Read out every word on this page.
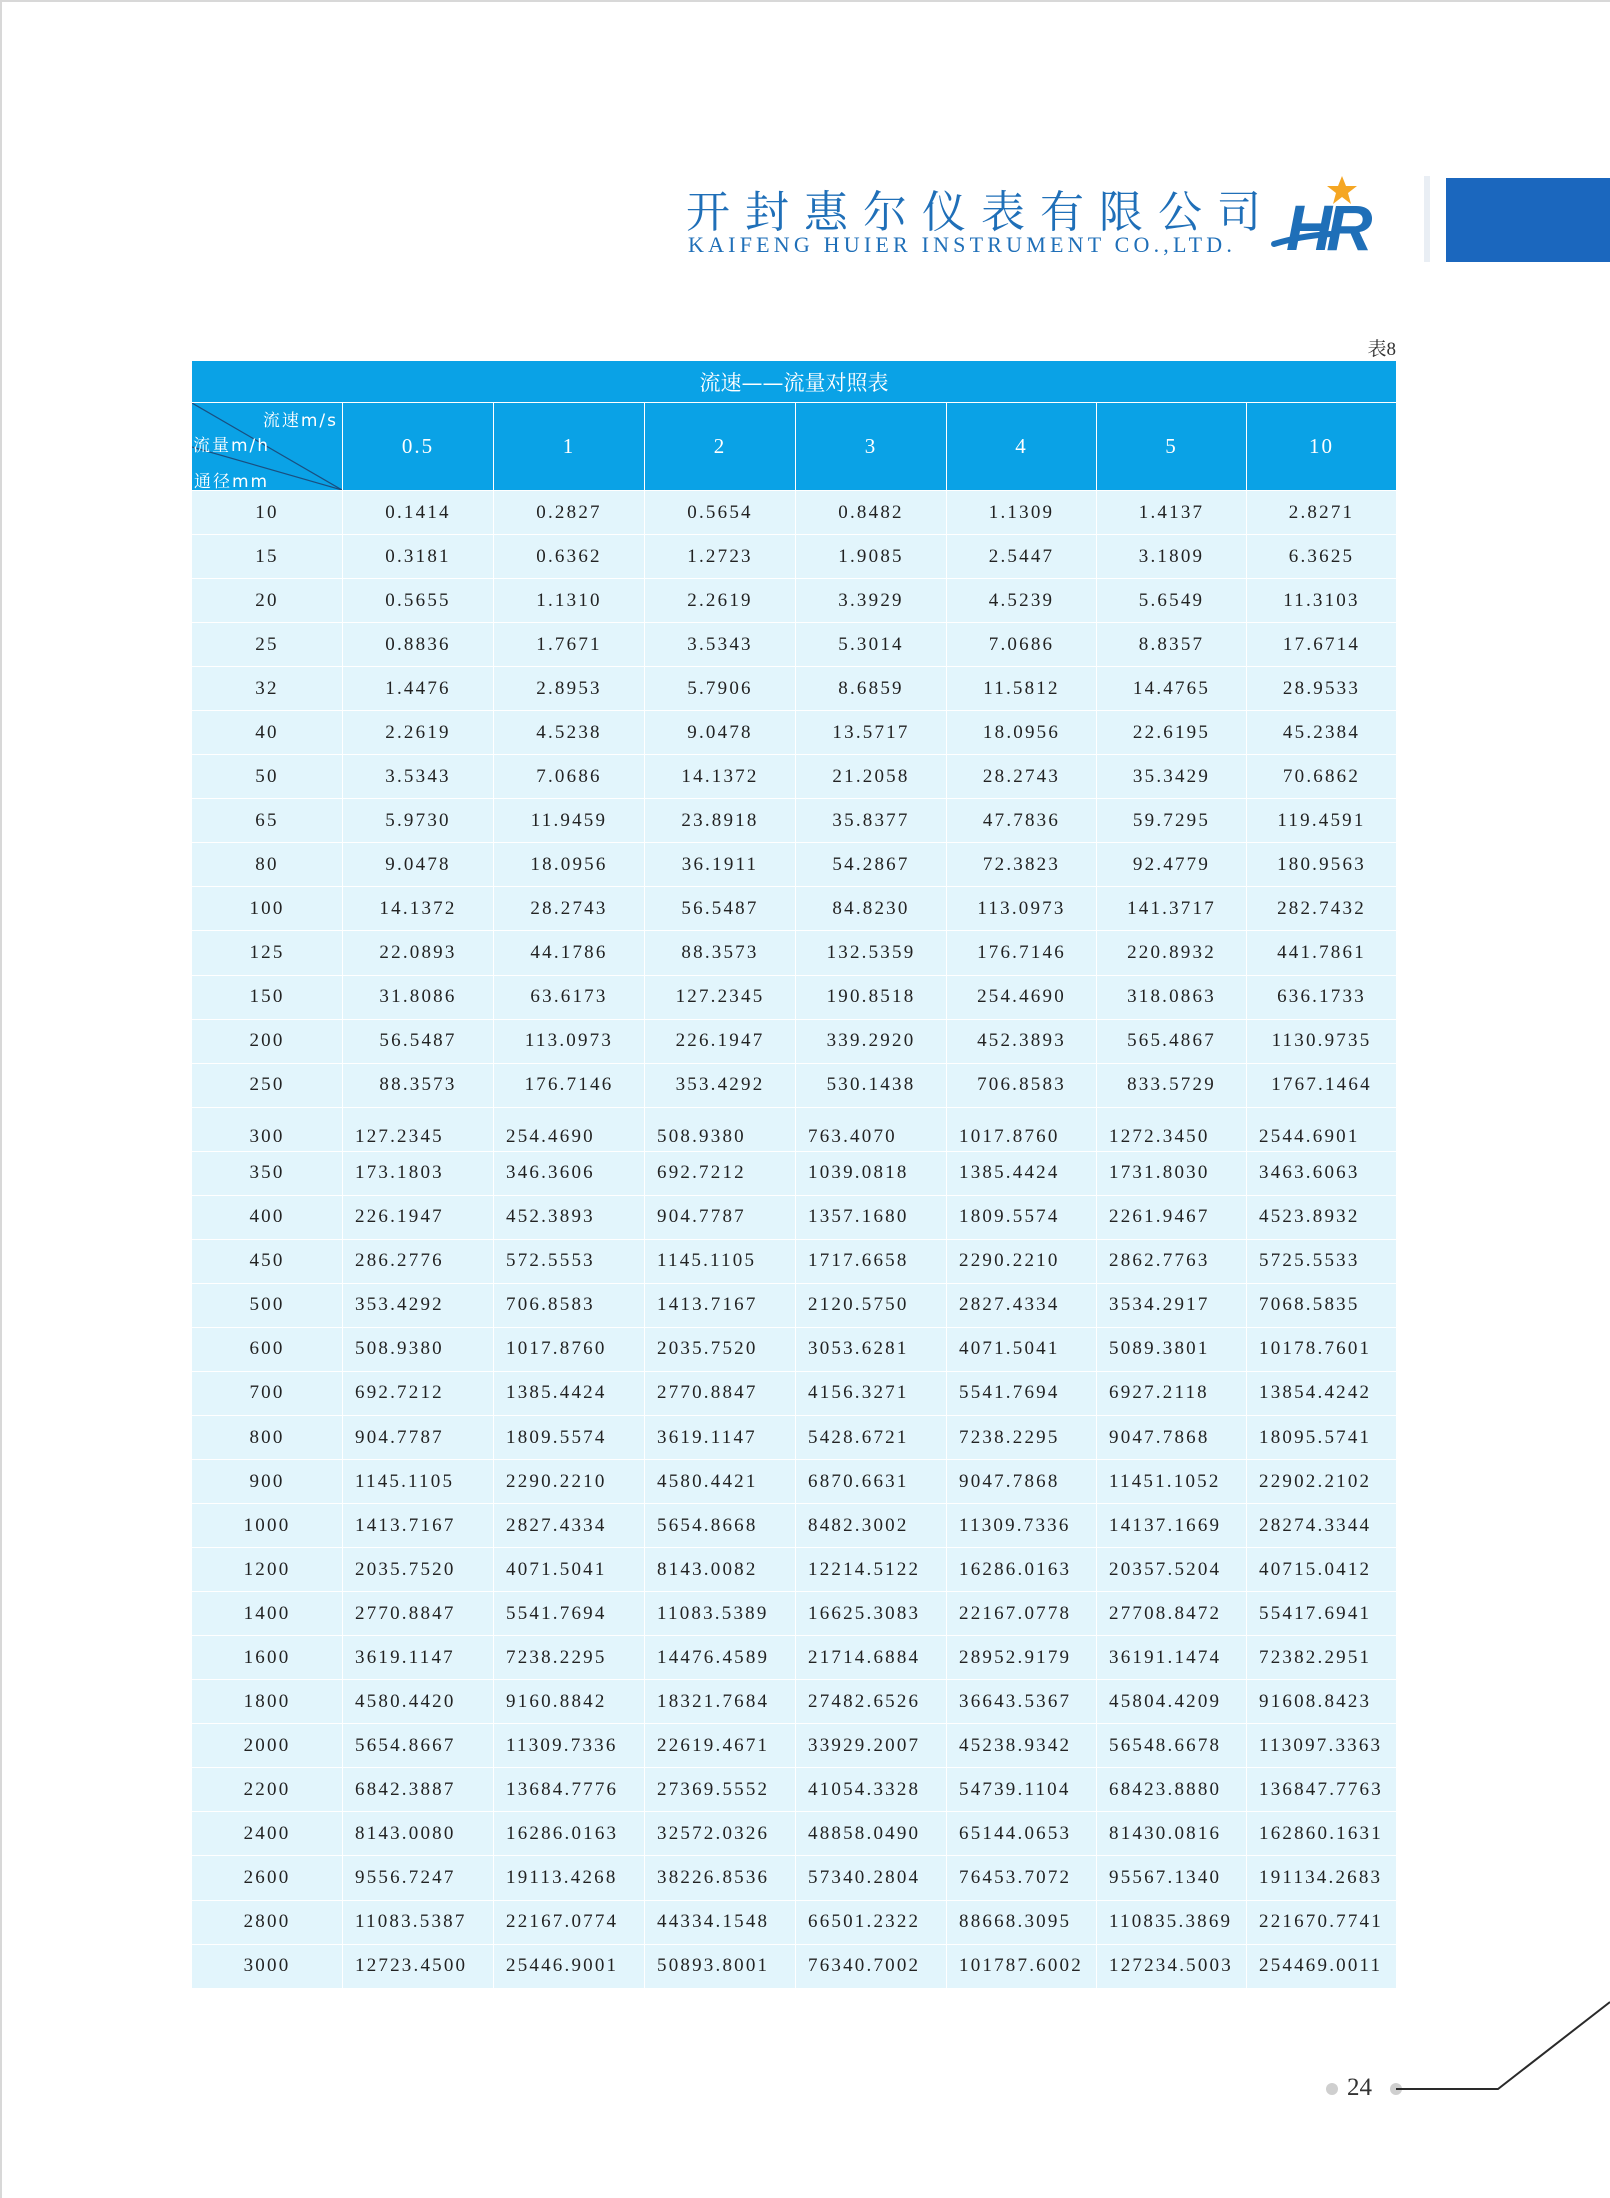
开封惠尔仪表有限公司
KAIFENG HUIER INSTRUMENT CO.,LTD. HR
表8
流速——流量对照表							

流速m/s
流量m/h
通径mm	0.5	1	2	3	4	5	10
10	0.1414	0.2827	0.5654	0.8482	1.1309	1.4137	2.8271
15	0.3181	0.6362	1.2723	1.9085	2.5447	3.1809	6.3625
20	0.5655	1.1310	2.2619	3.3929	4.5239	5.6549	11.3103
25	0.8836	1.7671	3.5343	5.3014	7.0686	8.8357	17.6714
32	1.4476	2.8953	5.7906	8.6859	11.5812	14.4765	28.9533
40	2.2619	4.5238	9.0478	13.5717	18.0956	22.6195	45.2384
50	3.5343	7.0686	14.1372	21.2058	28.2743	35.3429	70.6862
65	5.9730	11.9459	23.8918	35.8377	47.7836	59.7295	119.4591
80	9.0478	18.0956	36.1911	54.2867	72.3823	92.4779	180.9563
100	14.1372	28.2743	56.5487	84.8230	113.0973	141.3717	282.7432
125	22.0893	44.1786	88.3573	132.5359	176.7146	220.8932	441.7861
150	31.8086	63.6173	127.2345	190.8518	254.4690	318.0863	636.1733
200	56.5487	113.0973	226.1947	339.2920	452.3893	565.4867	1130.9735
250	88.3573	176.7146	353.4292	530.1438	706.8583	833.5729	1767.1464
300	127.2345	254.4690	508.9380	763.4070	1017.8760	1272.3450	2544.6901
350	173.1803	346.3606	692.7212	1039.0818	1385.4424	1731.8030	3463.6063
400	226.1947	452.3893	904.7787	1357.1680	1809.5574	2261.9467	4523.8932
450	286.2776	572.5553	1145.1105	1717.6658	2290.2210	2862.7763	5725.5533
500	353.4292	706.8583	1413.7167	2120.5750	2827.4334	3534.2917	7068.5835
600	508.9380	1017.8760	2035.7520	3053.6281	4071.5041	5089.3801	10178.7601
700	692.7212	1385.4424	2770.8847	4156.3271	5541.7694	6927.2118	13854.4242
800	904.7787	1809.5574	3619.1147	5428.6721	7238.2295	9047.7868	18095.5741
900	1145.1105	2290.2210	4580.4421	6870.6631	9047.7868	11451.1052	22902.2102
1000	1413.7167	2827.4334	5654.8668	8482.3002	11309.7336	14137.1669	28274.3344
1200	2035.7520	4071.5041	8143.0082	12214.5122	16286.0163	20357.5204	40715.0412
1400	2770.8847	5541.7694	11083.5389	16625.3083	22167.0778	27708.8472	55417.6941
1600	3619.1147	7238.2295	14476.4589	21714.6884	28952.9179	36191.1474	72382.2951
1800	4580.4420	9160.8842	18321.7684	27482.6526	36643.5367	45804.4209	91608.8423
2000	5654.8667	11309.7336	22619.4671	33929.2007	45238.9342	56548.6678	113097.3363
2200	6842.3887	13684.7776	27369.5552	41054.3328	54739.1104	68423.8880	136847.7763
2400	8143.0080	16286.0163	32572.0326	48858.0490	65144.0653	81430.0816	162860.1631
2600	9556.7247	19113.4268	38226.8536	57340.2804	76453.7072	95567.1340	191134.2683
2800	11083.5387	22167.0774	44334.1548	66501.2322	88668.3095	110835.3869	221670.7741
3000	12723.4500	25446.9001	50893.8001	76340.7002	101787.6002	127234.5003	254469.0011
24
